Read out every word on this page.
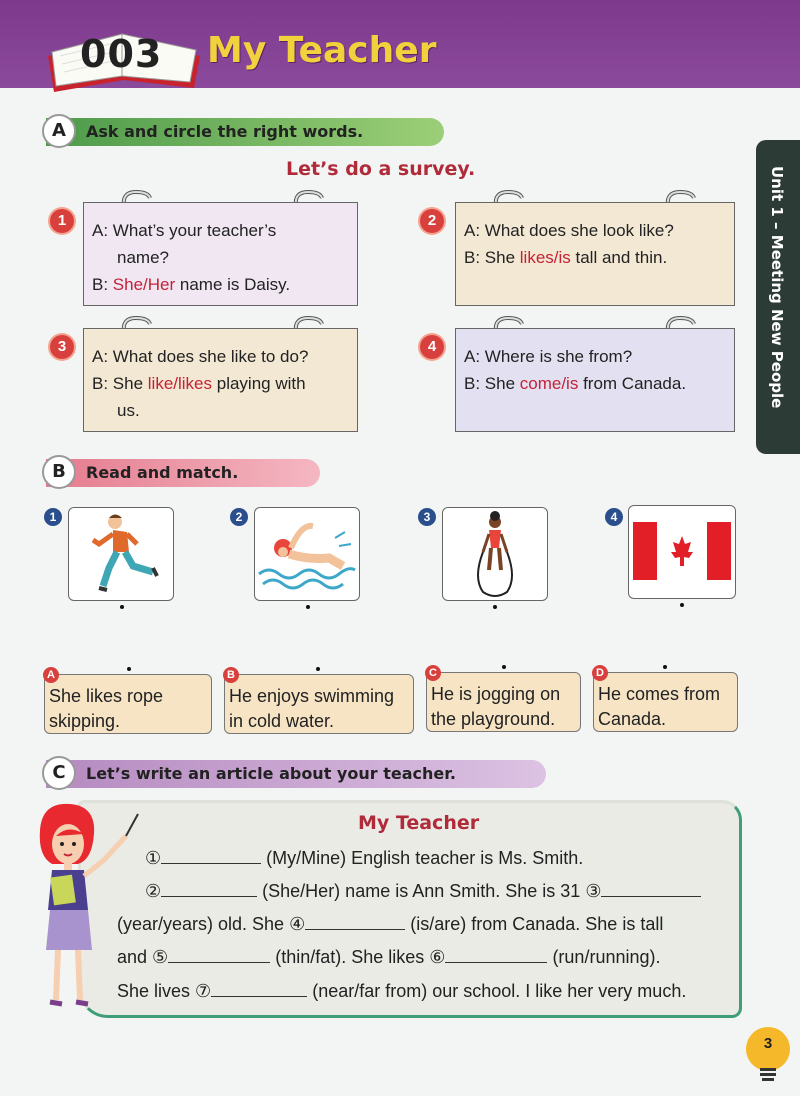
003 My Teacher
Unit 1 – Meeting New People
A	Ask and circle the right words.
Let’s do a survey.
1
A: What’s your teacher’s
name?
B: She/Her name is Daisy.
2
A: What does she look like?
B: She likes/is tall and thin.
3
A: What does she like to do?
B: She like/likes playing with
us.
4
A: Where is she from?
B: She come/is from Canada.
B	Read and match.
1	2	3	4
A
She likes rope
skipping.
B
He enjoys swimming
in cold water.
C
He is jogging on
the playground.
D
He comes from
Canada.
C	Let’s write an article about your teacher.
My Teacher
①	(My/Mine) English teacher is Ms. Smith.
②	(She/Her) name is Ann Smith. She is 31 ③
(year/years) old. She ④	(is/are) from Canada. She is tall
and ⑤	(thin/fat). She likes ⑥	(run/running).
She lives ⑦	(near/far from) our school. I like her very much.
3
